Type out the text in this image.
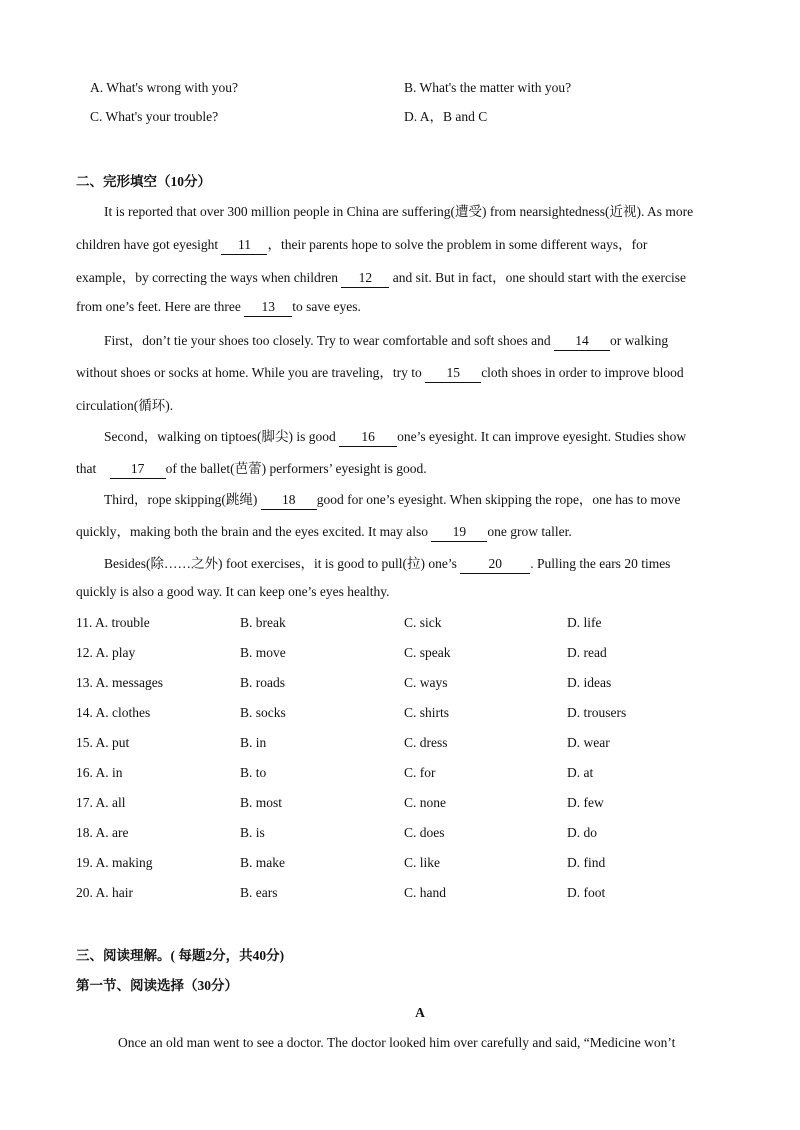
A. What's wrong with you?	B. What's the matter with you?
C. What's your trouble?	D. A，B and C
二、完形填空（10分）
It is reported that over 300 million people in China are suffering(遭受) from nearsightedness(近视). As more
children have got eyesight 11 ，their parents hope to solve the problem in some different ways，for
example，by correcting the ways when children 12 and sit. But in fact，one should start with the exercise
from one’s feet. Here are three 13 to save eyes.
First，don’t tie your shoes too closely. Try to wear comfortable and soft shoes and 14 or walking
without shoes or socks at home. While you are traveling，try to 15 cloth shoes in order to improve blood
circulation(循环).
Second，walking on tiptoes(脚尖) is good 16 one’s eyesight. It can improve eyesight. Studies show
that 17 of the ballet(芭蕾) performers’ eyesight is good.
Third，rope skipping(跳绳) 18 good for one’s eyesight. When skipping the rope，one has to move
quickly，making both the brain and the eyes excited. It may also 19 one grow taller.
Besides(除……之外) foot exercises，it is good to pull(拉) one’s 20 . Pulling the ears 20 times
quickly is also a good way. It can keep one’s eyes healthy.
11. A. trouble	B. break	C. sick	D. life
12. A. play	B. move	C. speak	D. read
13. A. messages	B. roads	C. ways	D. ideas
14. A. clothes	B. socks	C. shirts	D. trousers
15. A. put	B. in	C. dress	D. wear
16. A. in	B. to	C. for	D. at
17. A. all	B. most	C. none	D. few
18. A. are	B. is	C. does	D. do
19. A. making	B. make	C. like	D. find
20. A. hair	B. ears	C. hand	D. foot
三、阅读理解。( 每题2分，共40分)
第一节、阅读选择（30分）
A
Once an old man went to see a doctor. The doctor looked him over carefully and said, “Medicine won’t
